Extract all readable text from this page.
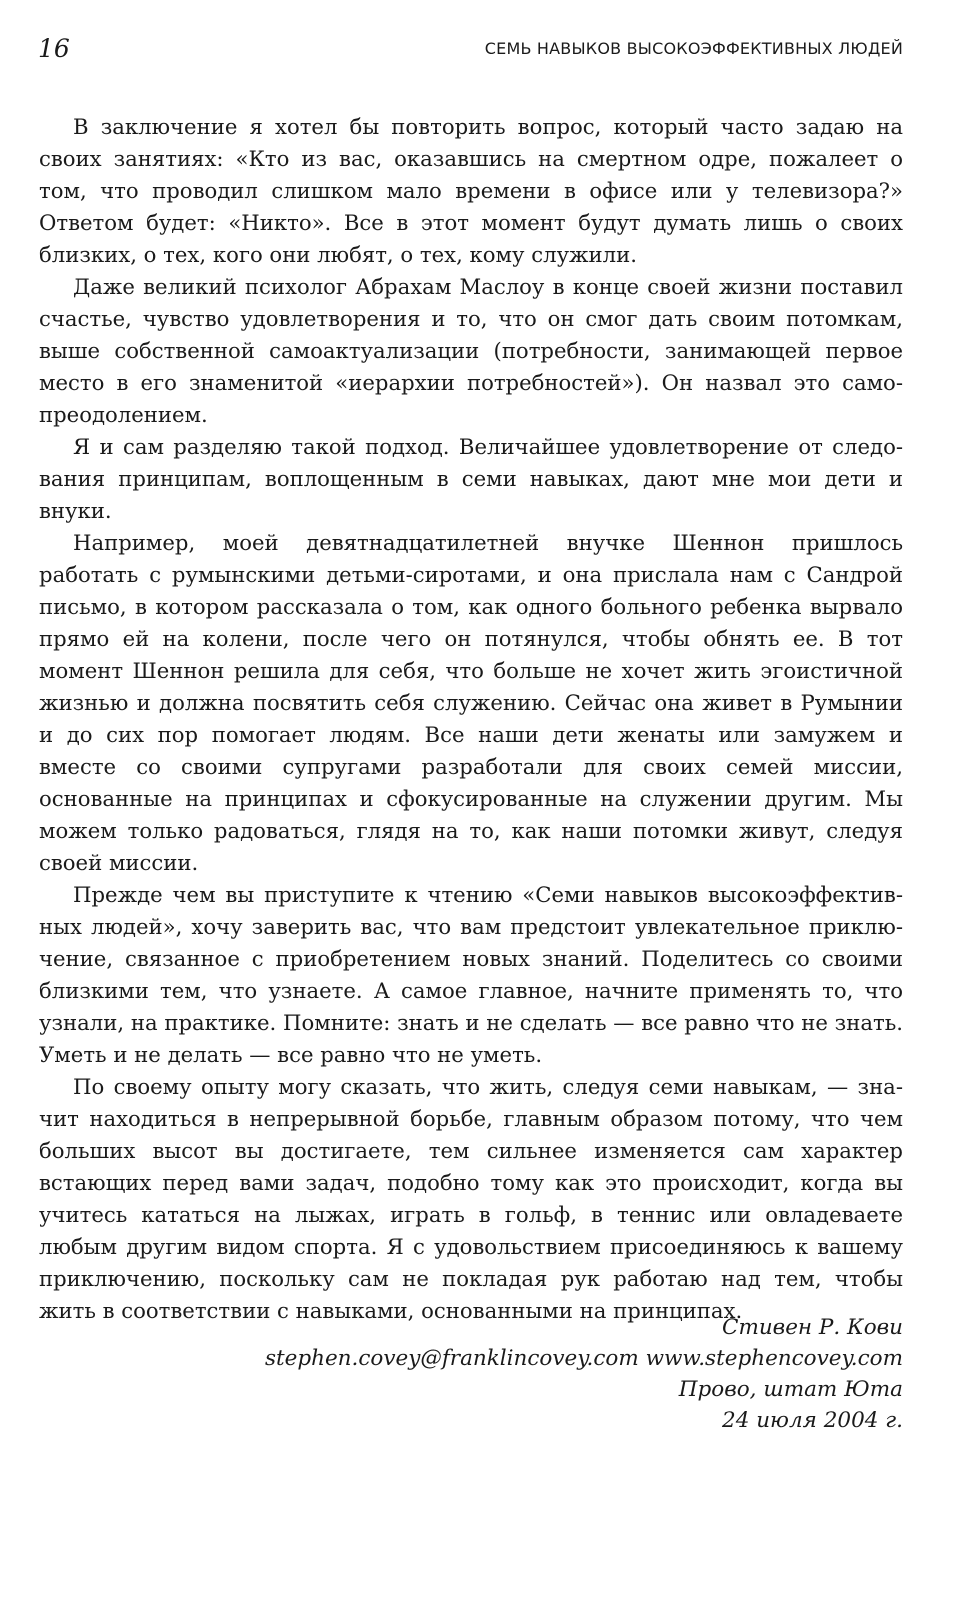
16	СЕМЬ НАВЫКОВ ВЫСОКОЭФФЕКТИВНЫХ ЛЮДЕЙ

В заключение я хотел бы повторить вопрос, который часто задаю на своих занятиях: «Кто из вас, оказавшись на смертном одре, пожалеет о том, что проводил слишком мало времени в офисе или у телевизора?» Ответом будет: «Никто». Все в этот момент будут думать лишь о своих близких, о тех, кого они любят, о тех, кому служили.

Даже великий психолог Абрахам Маслоу в конце своей жизни поставил счастье, чувство удовлетворения и то, что он смог дать своим потомкам, выше собственной самоактуализации (потребности, занимающей первое место в его знаменитой «иерархии потребностей»). Он назвал это самопреодолением.

Я и сам разделяю такой подход. Величайшее удовлетворение от следования принципам, воплощенным в семи навыках, дают мне мои дети и внуки.

Например, моей девятнадцатилетней внучке Шеннон пришлось работать с румынскими детьми-сиротами, и она прислала нам с Сандрой письмо, в котором рассказала о том, как одного больного ребенка вырвало прямо ей на колени, после чего он потянулся, чтобы обнять ее. В тот момент Шеннон решила для себя, что больше не хочет жить эгоистичной жизнью и должна посвятить себя служению. Сейчас она живет в Румынии и до сих пор помогает людям. Все наши дети женаты или замужем и вместе со своими супругами разработали для своих семей миссии, основанные на принципах и сфокусированные на служении другим. Мы можем только радоваться, глядя на то, как наши потомки живут, следуя своей миссии.

Прежде чем вы приступите к чтению «Семи навыков высокоэффективных людей», хочу заверить вас, что вам предстоит увлекательное приключение, связанное с приобретением новых знаний. Поделитесь со своими близкими тем, что узнаете. А самое главное, начните применять то, что узнали, на практике. Помните: знать и не сделать — все равно что не знать. Уметь и не делать — все равно что не уметь.

По своему опыту могу сказать, что жить, следуя семи навыкам, — значит находиться в непрерывной борьбе, главным образом потому, что чем больших высот вы достигаете, тем сильнее изменяется сам характер встающих перед вами задач, подобно тому как это происходит, когда вы учитесь кататься на лыжах, играть в гольф, в теннис или овладеваете любым другим видом спорта. Я с удовольствием присоединяюсь к вашему приключению, поскольку сам не покладая рук работаю над тем, чтобы жить в соответствии с навыками, основанными на принципах.

Стивен Р. Кови
stephen.covey@franklincovey.com www.stephencovey.com
Прово, штат Юта
24 июля 2004 г.
